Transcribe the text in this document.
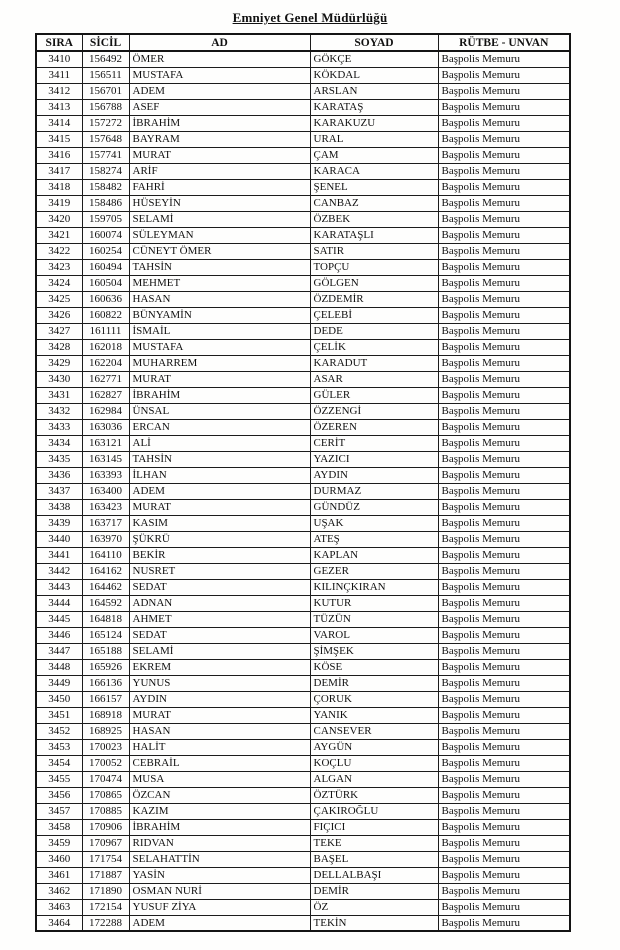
Emniyet Genel Müdürlüğü
SIRA	SİCİL	AD	SOYAD	RÜTBE - UNVAN
3410	156492	ÖMER	GÖKÇE	Başpolis Memuru
3411	156511	MUSTAFA	KÖKDAL	Başpolis Memuru
3412	156701	ADEM	ARSLAN	Başpolis Memuru
3413	156788	ASEF	KARATAŞ	Başpolis Memuru
3414	157272	İBRAHİM	KARAKUZU	Başpolis Memuru
3415	157648	BAYRAM	URAL	Başpolis Memuru
3416	157741	MURAT	ÇAM	Başpolis Memuru
3417	158274	ARİF	KARACA	Başpolis Memuru
3418	158482	FAHRİ	ŞENEL	Başpolis Memuru
3419	158486	HÜSEYİN	CANBAZ	Başpolis Memuru
3420	159705	SELAMİ	ÖZBEK	Başpolis Memuru
3421	160074	SÜLEYMAN	KARATAŞLI	Başpolis Memuru
3422	160254	CÜNEYT ÖMER	SATIR	Başpolis Memuru
3423	160494	TAHSİN	TOPÇU	Başpolis Memuru
3424	160504	MEHMET	GÖLGEN	Başpolis Memuru
3425	160636	HASAN	ÖZDEMİR	Başpolis Memuru
3426	160822	BÜNYAMİN	ÇELEBİ	Başpolis Memuru
3427	161111	İSMAİL	DEDE	Başpolis Memuru
3428	162018	MUSTAFA	ÇELİK	Başpolis Memuru
3429	162204	MUHARREM	KARADUT	Başpolis Memuru
3430	162771	MURAT	ASAR	Başpolis Memuru
3431	162827	İBRAHİM	GÜLER	Başpolis Memuru
3432	162984	ÜNSAL	ÖZZENGİ	Başpolis Memuru
3433	163036	ERCAN	ÖZEREN	Başpolis Memuru
3434	163121	ALİ	CERİT	Başpolis Memuru
3435	163145	TAHSİN	YAZICI	Başpolis Memuru
3436	163393	İLHAN	AYDIN	Başpolis Memuru
3437	163400	ADEM	DURMAZ	Başpolis Memuru
3438	163423	MURAT	GÜNDÜZ	Başpolis Memuru
3439	163717	KASIM	UŞAK	Başpolis Memuru
3440	163970	ŞÜKRÜ	ATEŞ	Başpolis Memuru
3441	164110	BEKİR	KAPLAN	Başpolis Memuru
3442	164162	NUSRET	GEZER	Başpolis Memuru
3443	164462	SEDAT	KILINÇKIRAN	Başpolis Memuru
3444	164592	ADNAN	KUTUR	Başpolis Memuru
3445	164818	AHMET	TÜZÜN	Başpolis Memuru
3446	165124	SEDAT	VAROL	Başpolis Memuru
3447	165188	SELAMİ	ŞİMŞEK	Başpolis Memuru
3448	165926	EKREM	KÖSE	Başpolis Memuru
3449	166136	YUNUS	DEMİR	Başpolis Memuru
3450	166157	AYDIN	ÇORUK	Başpolis Memuru
3451	168918	MURAT	YANIK	Başpolis Memuru
3452	168925	HASAN	CANSEVER	Başpolis Memuru
3453	170023	HALİT	AYGÜN	Başpolis Memuru
3454	170052	CEBRAİL	KOÇLU	Başpolis Memuru
3455	170474	MUSA	ALGAN	Başpolis Memuru
3456	170865	ÖZCAN	ÖZTÜRK	Başpolis Memuru
3457	170885	KAZIM	ÇAKIROĞLU	Başpolis Memuru
3458	170906	İBRAHİM	FIÇICI	Başpolis Memuru
3459	170967	RIDVAN	TEKE	Başpolis Memuru
3460	171754	SELAHATTİN	BAŞEL	Başpolis Memuru
3461	171887	YASİN	DELLALBAŞI	Başpolis Memuru
3462	171890	OSMAN NURİ	DEMİR	Başpolis Memuru
3463	172154	YUSUF ZİYA	ÖZ	Başpolis Memuru
3464	172288	ADEM	TEKİN	Başpolis Memuru
